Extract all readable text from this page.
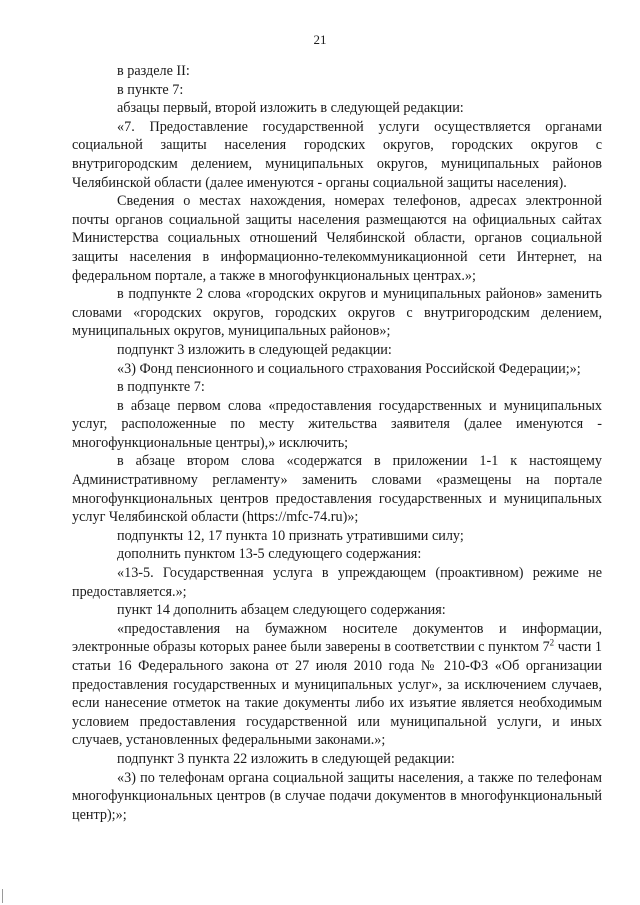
21

в разделе II:

в пункте 7:

абзацы первый, второй изложить в следующей редакции:

«7. Предоставление государственной услуги осуществляется органами социальной защиты населения городских округов, городских округов с внутригородским делением, муниципальных округов, муниципальных районов Челябинской области (далее именуются - органы социальной защиты населения).

Сведения о местах нахождения, номерах телефонов, адресах электронной почты органов социальной защиты населения размещаются на официальных сайтах Министерства социальных отношений Челябинской области, органов социальной защиты населения в информационно-телекоммуникационной сети Интернет, на федеральном портале, а также в многофункциональных центрах.»;

в подпункте 2 слова «городских округов и муниципальных районов» заменить словами «городских округов, городских округов с внутригородским делением, муниципальных округов, муниципальных районов»;

подпункт 3 изложить в следующей редакции:

«3) Фонд пенсионного и социального страхования Российской Федерации;»;

в подпункте 7:

в абзаце первом слова «предоставления государственных и муниципальных услуг, расположенные по месту жительства заявителя (далее именуются - многофункциональные центры),» исключить;

в абзаце втором слова «содержатся в приложении 1-1 к настоящему Административному регламенту» заменить словами «размещены на портале многофункциональных центров предоставления государственных и муниципальных услуг Челябинской области (https://mfc-74.ru)»;

подпункты 12, 17 пункта 10 признать утратившими силу;

дополнить пунктом 13-5 следующего содержания:

«13-5. Государственная услуга в упреждающем (проактивном) режиме не предоставляется.»;

пункт 14 дополнить абзацем следующего содержания:

«предоставления на бумажном носителе документов и информации, электронные образы которых ранее были заверены в соответствии с пунктом $7^2$ части 1 статьи 16 Федерального закона от 27 июля 2010 года № 210-ФЗ «Об организации предоставления государственных и муниципальных услуг», за исключением случаев, если нанесение отметок на такие документы либо их изъятие является необходимым условием предоставления государственной или муниципальной услуги, и иных случаев, установленных федеральными законами.»;

подпункт 3 пункта 22 изложить в следующей редакции:

«3) по телефонам органа социальной защиты населения, а также по телефонам многофункциональных центров (в случае подачи документов в многофункциональный центр);»;
